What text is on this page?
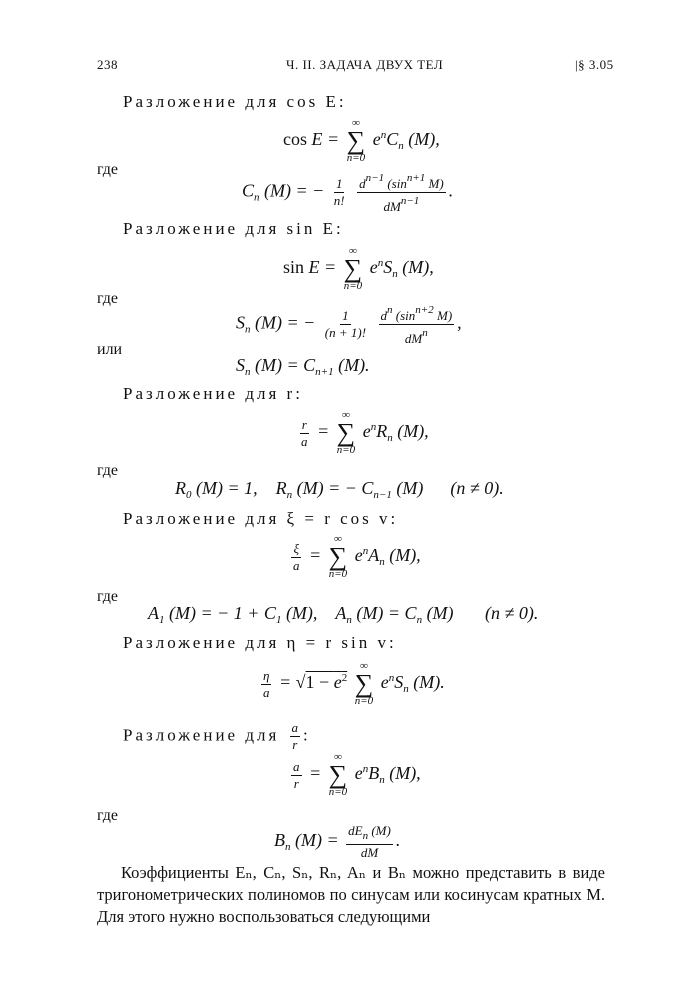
238	Ч. II. ЗАДАЧА ДВУХ ТЕЛ	|§ 3.05
Разложение для cos E:
cos E =
∞
∑
n=0
$e^nC_n$ (M),
где
$C_n$ (M) = − $\frac{1}{n!}$
$\frac{d^{n-1} (\sin^{n+1} M)}{dM^{n-1}}$ .
Разложение для sin E:
sin E =
∞
∑
n=0
$e^nS_n$ (M),
где
$S_n$ (M) = − $\frac{1}{(n + 1)!}$
$\frac{d^n (\sin^{n+2} M)}{dM^n}$ ,
или
$S_n$ $(M) = C_{n+1}$ (M).
Разложение для r:
$\frac{r}{a}$ =
∞
∑
n=0
$e^nR_n$ (M),
где
$R_0$ (M) = 1,    $R_n$ (M) = − $C_{n-1}$ (M)      (n ≠ 0).
Разложение для ξ = r cos v:
$\frac{\xi}{a}$ =
∞
∑
n=0
$e^nA_n$ (M),
где
$A_1$ (M) = − $1 + C_1$ (M),    $A_n$ $(M) = C_n$ (M)       (n ≠ 0).
Разложение для η = r sin v:
$\frac{\eta}{a} = √1 - e^2$
∞
∑
n=0
$e^nS_n$ (M).
Разложение для $\frac{a}{r}$ :
$\frac{a}{r}$ =
∞
∑
n=0
$e^nB_n$ (M),
где
$B_n$ $(M) = \frac{dE_n (M)}{dM}$ .
Коэффициенты Eₙ, Cₙ, Sₙ, Rₙ, Aₙ и Bₙ можно представить в виде тригонометрических полиномов по синусам или косинусам кратных M. Для этого нужно воспользоваться следующими
